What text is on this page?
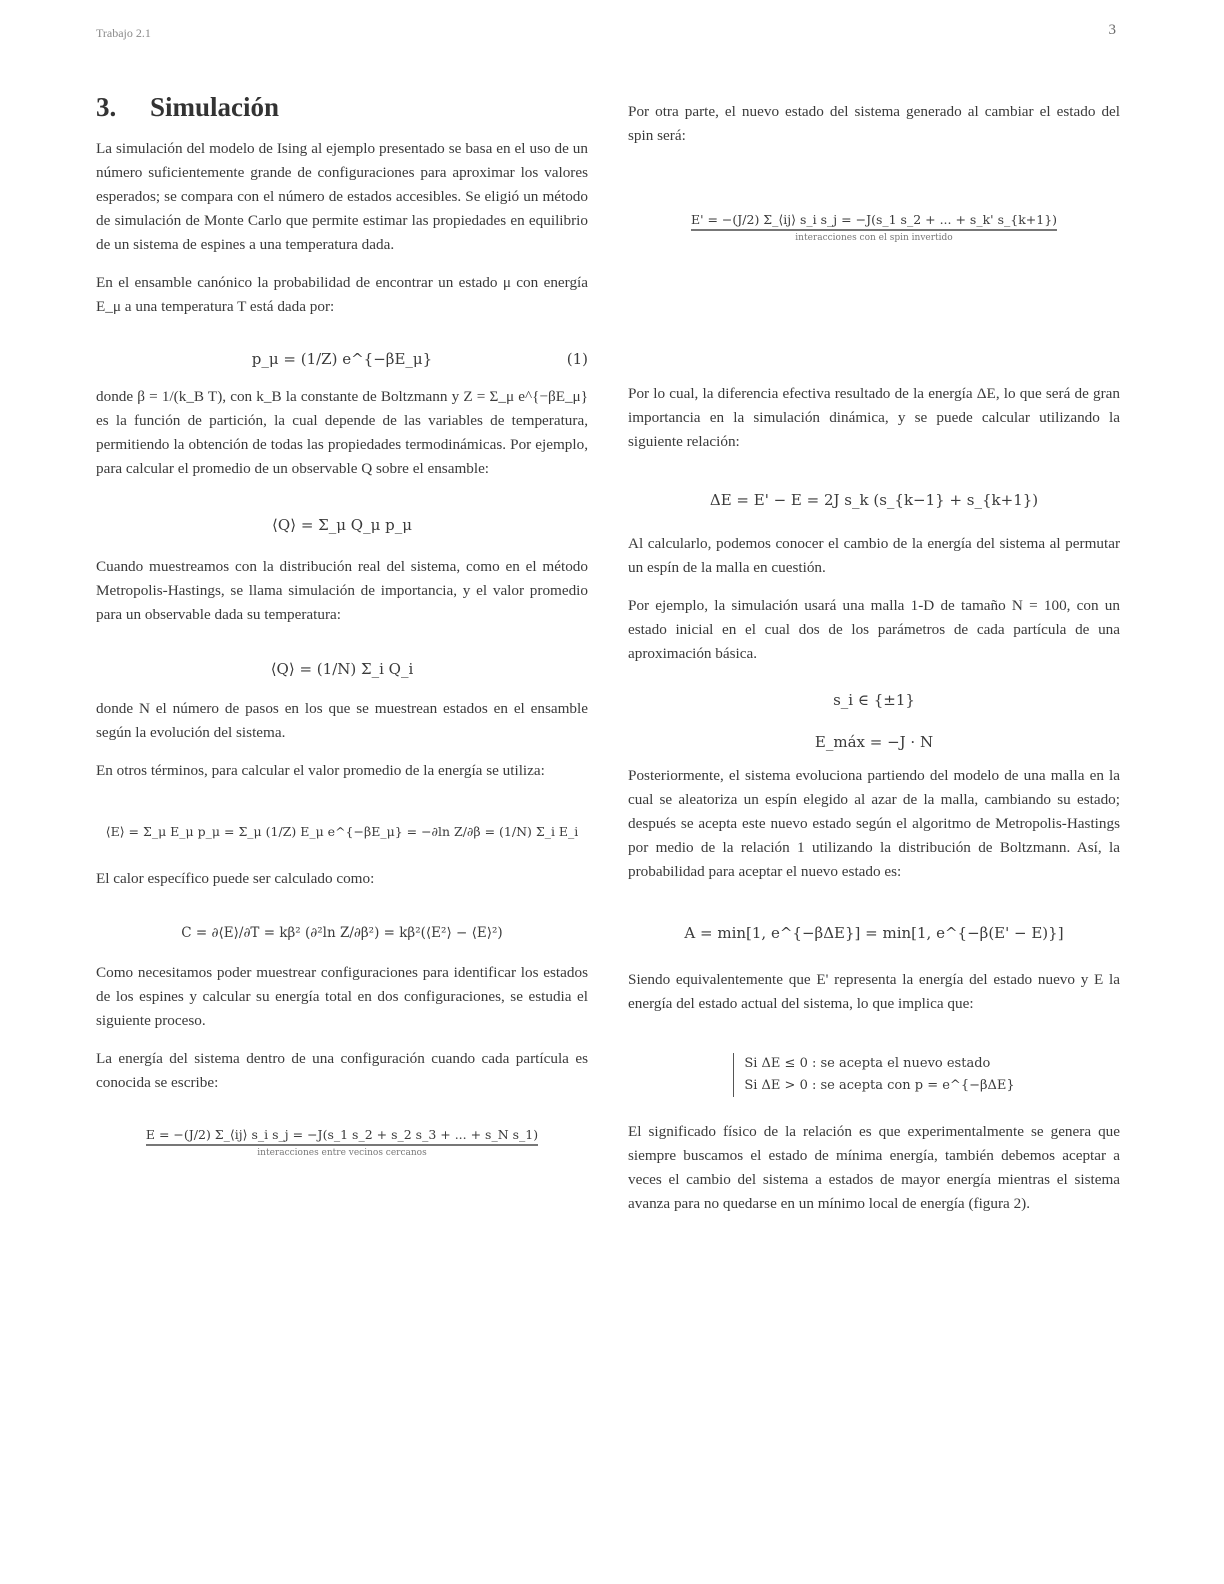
Trabajo 2.1	3
3. Simulación

La simulación del modelo de Ising al ejemplo presentado se basa en el uso de un número suficientemente grande de configuraciones para aproximar los valores esperados; se compara con el número de estados accesibles. Se eligió un método de simulación de Monte Carlo que permite estimar las propiedades en equilibrio de un sistema de espines a una temperatura dada.

En el ensamble canónico la probabilidad de encontrar un estado μ con energía E_μ a una temperatura T está dada por:

p_μ = (1/Z) e^{−βE_μ}	(1)

donde β = 1/(k_B T), con k_B la constante de Boltzmann y Z = Σ_μ e^{−βE_μ} es la función de partición, la cual depende de las variables de temperatura, permitiendo la obtención de todas las propiedades termodinámicas. Por ejemplo, para calcular el promedio de un observable Q sobre el ensamble:

⟨Q⟩ = Σ_μ Q_μ p_μ

Cuando muestreamos con la distribución real del sistema, como en el método Metropolis-Hastings, se llama simulación de importancia, y el valor promedio para un observable dada su temperatura:

⟨Q⟩ = (1/N) Σ_i Q_i

donde N el número de pasos en los que se muestrean estados en el ensamble según la evolución del sistema.

En otros términos, para calcular el valor promedio de la energía se utiliza:

⟨E⟩ = Σ_μ E_μ p_μ = Σ_μ (1/Z) E_μ e^{−βE_μ} = −∂ln Z/∂β = (1/N) Σ_i E_i

El calor específico puede ser calculado como:

C = ∂⟨E⟩/∂T = kβ² (∂²ln Z/∂β²) = kβ²(⟨E²⟩ − ⟨E⟩²)

Como necesitamos poder muestrear configuraciones para identificar los estados de los espines y calcular su energía total en dos configuraciones, se estudia el siguiente proceso.

La energía del sistema dentro de una configuración cuando cada partícula es conocida se escribe:

E = −(J/2) Σ_⟨ij⟩ s_i s_j = −J(s_1 s_2 + s_2 s_3 + ... + s_N s_1)
interacciones entre vecinos cercanos

Por otra parte, el nuevo estado del sistema generado al cambiar el estado del spin será:

E' = −(J/2) Σ_⟨ij⟩ s_i s_j = −J(s_1 s_2 + ... + s_k' s_{k+1})
interacciones con el spin invertido

Por lo cual, la diferencia efectiva resultado de la energía ΔE, lo que será de gran importancia en la simulación dinámica, y se puede calcular utilizando la siguiente relación:

ΔE = E' − E = 2J s_k (s_{k−1} + s_{k+1})

Al calcularlo, podemos conocer el cambio de la energía del sistema al permutar un espín de la malla en cuestión.

Por ejemplo, la simulación usará una malla 1-D de tamaño N = 100, con un estado inicial en el cual dos de los parámetros de cada partícula de una aproximación básica.

s_i ∈ {±1}
E_máx = −J · N

Posteriormente, el sistema evoluciona partiendo del modelo de una malla en la cual se aleatoriza un espín elegido al azar de la malla, cambiando su estado; después se acepta este nuevo estado según el algoritmo de Metropolis-Hastings por medio de la relación 1 utilizando la distribución de Boltzmann. Así, la probabilidad para aceptar el nuevo estado es:

A = min[1, e^{−βΔE}] = min[1, e^{−β(E' − E)}]

Siendo equivalentemente que E' representa la energía del estado nuevo y E la energía del estado actual del sistema, lo que implica que:

Si ΔE ≤ 0 : se acepta el nuevo estado
Si ΔE > 0 : se acepta con p = e^{−βΔE}

El significado físico de la relación es que experimentalmente se genera que siempre buscamos el estado de mínima energía, también debemos aceptar a veces el cambio del sistema a estados de mayor energía mientras el sistema avanza para no quedarse en un mínimo local de energía (figura 2).
